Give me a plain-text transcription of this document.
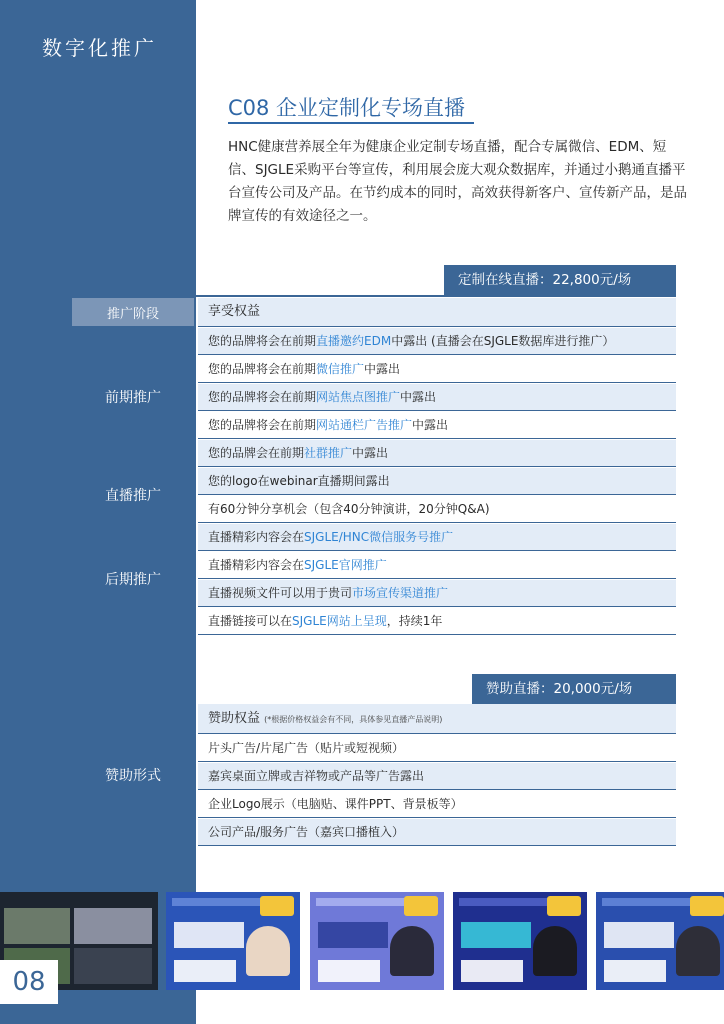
数字化推广
C08 企业定制化专场直播

HNC健康营养展全年为健康企业定制专场直播，配合专属微信、EDM、短信、SJGLE采购平台等宣传，利用展会庞大观众数据库，并通过小鹅通直播平台宣传公司及产品。在节约成本的同时，高效获得新客户、宣传新产品，是品牌宣传的有效途径之一。

定制在线直播：22,800元/场
推广阶段	享受权益
前期推广
您的品牌将会在前期直播邀约EDM中露出 (直播会在SJGLE数据库进行推广）
您的品牌将会在前期微信推广中露出
您的品牌将会在前期网站焦点图推广中露出
您的品牌将会在前期网站通栏广告推广中露出
您的品牌会在前期社群推广中露出
直播推广
您的logo在webinar直播期间露出
有60分钟分享机会（包含40分钟演讲，20分钟Q&A)
后期推广
直播精彩内容会在SJGLE/HNC微信服务号推广
直播精彩内容会在SJGLE官网推广
直播视频文件可以用于贵司市场宣传渠道推广
直播链接可以在SJGLE网站上呈现，持续1年
赞助直播：20,000元/场
赞助形式
赞助权益 (*根据价格权益会有不同，具体参见直播产品说明)
片头广告/片尾广告（贴片或短视频）
嘉宾桌面立牌或吉祥物或产品等广告露出
企业Logo展示（电脑贴、课件PPT、背景板等）
公司产品/服务广告（嘉宾口播植入）
08
